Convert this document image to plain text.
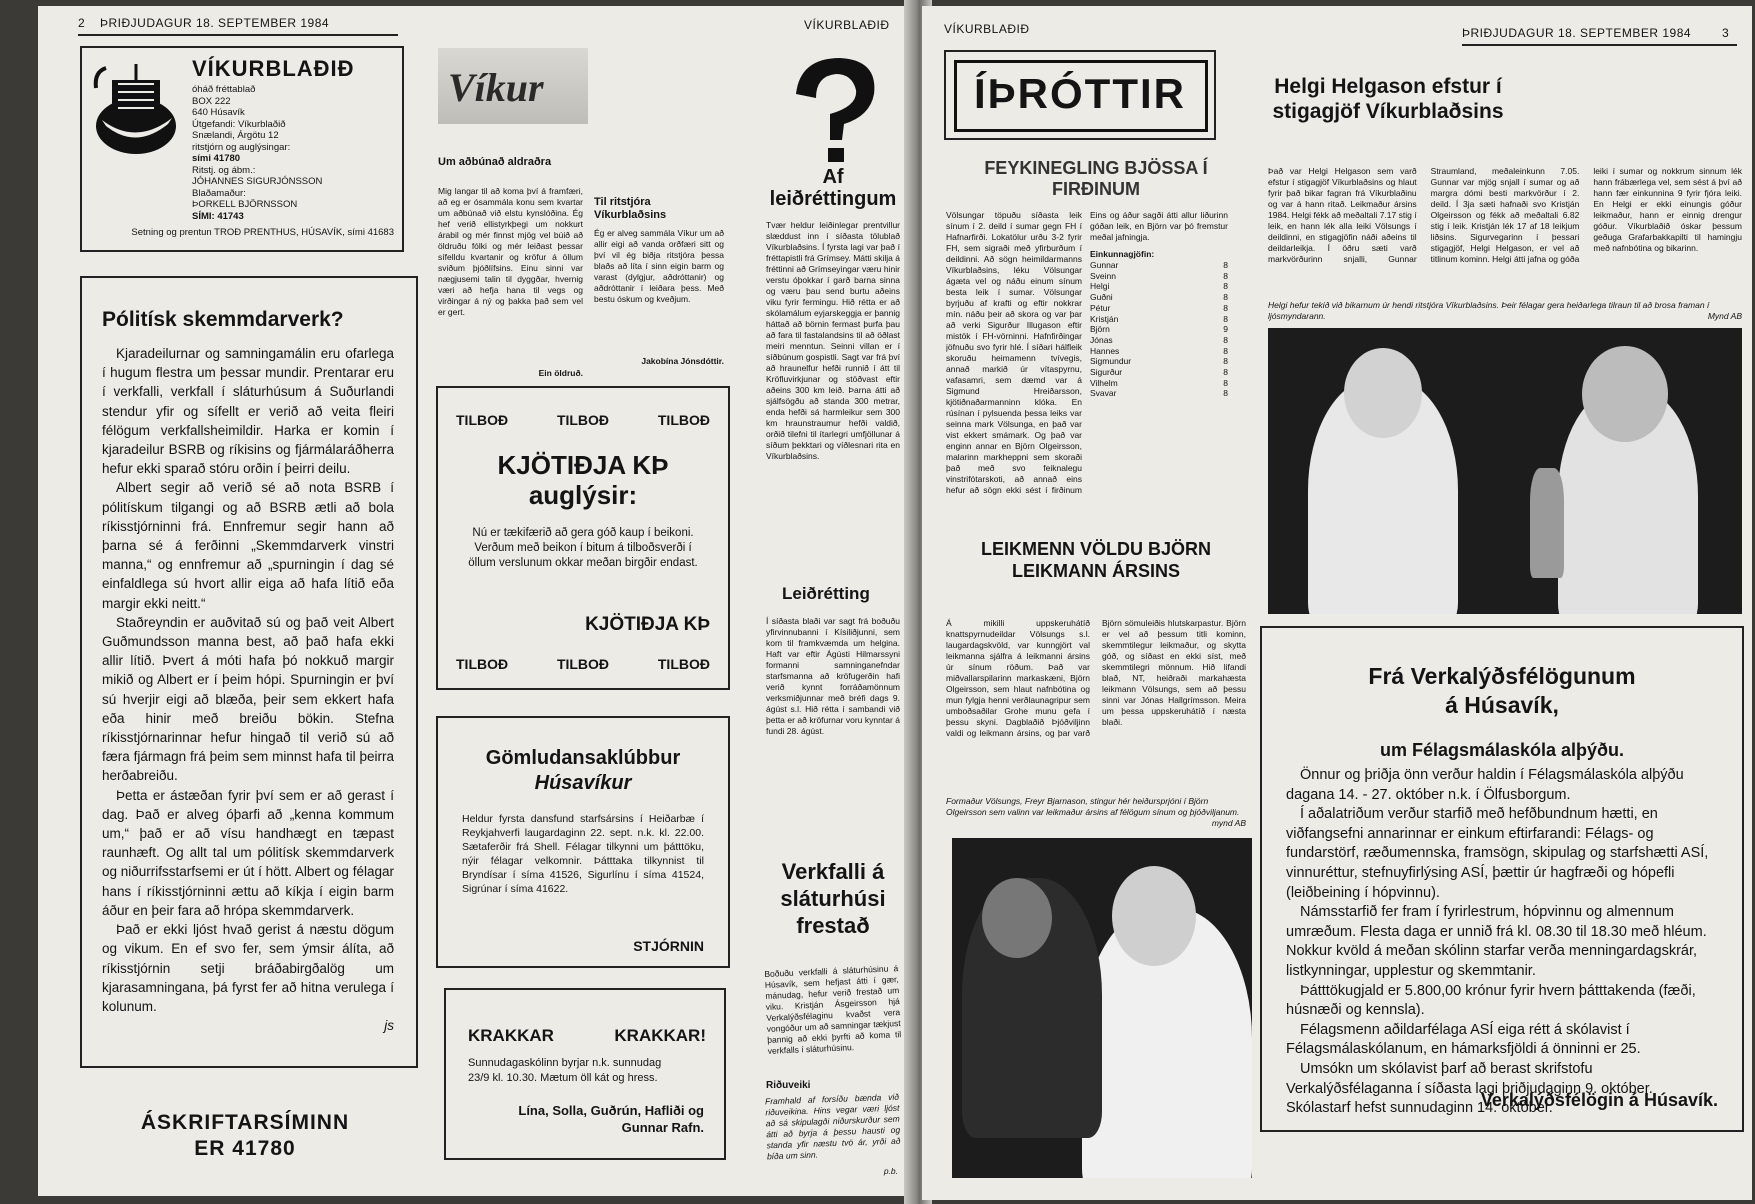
2 ÞRIÐJUDAGUR 18. SEPTEMBER 1984	VÍKURBLAÐIÐ
VÍKURBLAÐIÐ
óháð fréttablað
BOX 222
640 Húsavík
Útgefandi: Víkurblaðið
Snælandi, Árgötu 12
ritstjórn og auglýsingar:
sími 41780
Ritstj. og ábm.:
JÓHANNES SIGURJÓNSSON
Blaðamaður:
ÞORKELL BJÖRNSSON
SÍMI: 41743
Setning og prentun TROÐ PRENTHUS, HÚSAVÍK, sími 41683
Pólitísk skemmdarverk?
Kjaradeilurnar og samningamálin eru ofarlega í hugum flestra um þessar mundir. Prentarar eru í verkfalli, verkfall í sláturhúsum á Suðurlandi stendur yfir og sífellt er verið að veita fleiri félögum verkfallsheimildir. Harka er komin í kjaradeilur BSRB og ríkisins og fjármálaráðherra hefur ekki sparað stóru orðin í þeirri deilu.
Albert segir að verið sé að nota BSRB í pólitískum tilgangi og að BSRB ætli að bola ríkisstjórninni frá. Ennfremur segir hann að þarna sé á ferðinni „Skemmdarverk vinstri manna,“ og ennfremur að „spurningin í dag sé einfaldlega sú hvort allir eiga að hafa lítið eða margir ekki neitt.“
Staðreyndin er auðvitað sú og það veit Albert Guðmundsson manna best, að það hafa ekki allir lítið. Þvert á móti hafa þó nokkuð margir mikið og Albert er í þeim hópi. Spurningin er því sú hverjir eigi að blæða, þeir sem ekkert hafa eða hinir með breiðu bökin. Stefna ríkisstjórnarinnar hefur hingað til verið sú að færa fjármagn frá þeim sem minnst hafa til þeirra herðabreiðu.
Þetta er ástæðan fyrir því sem er að gerast í dag. Það er alveg óþarfi að „kenna kommum um,“ það er að vísu handhægt en tæpast raunhæft. Og allt tal um pólitísk skemmdarverk og niðurrifsstarfsemi er út í hött. Albert og félagar hans í ríkisstjórninni ættu að kíkja í eigin barm áður en þeir fara að hrópa skemmdarverk.
Það er ekki ljóst hvað gerist á næstu dögum og vikum. En ef svo fer, sem ýmsir álíta, að ríkisstjórnin setji bráðabirgðalög um kjarasamningana, þá fyrst fer að hitna verulega í kolunum.
js
ÁSKRIFTARSÍMINN
ER 41780
Víkur
Um aðbúnað aldraðra
Mig langar til að koma því á framfæri, að eg er ósammála konu sem kvartar um aðbúnað við elstu kynslóðina. Ég hef verið ellistyrkþegi um nokkurt árabil og mér finnst mjög vel búið að öldruðu fólki og mér leiðast þessar sífelldu kvartanir og kröfur á öllum sviðum þjóðlífsins. Einu sinni var nægjusemi talin til dyggðar, hvernig væri að hefja hana til vegs og virðingar á ný og þakka það sem vel er gert.
Ein öldruð.
Til ritstjóra Víkurblaðsins
Ég er alveg sammála Víkur um að allir eigi að vanda orðfæri sitt og því vil ég biðja ritstjóra þessa blaðs að líta í sinn eigin barm og varast (dylgjur, aðdróttanir) og aðdróttanir í leiðara þess. Með bestu óskum og kveðjum.
Jakobína Jónsdóttir.
TILBOÐ	TILBOÐ	TILBOÐ
KJÖTIÐJA KÞ
auglýsir:
Nú er tækifærið að gera góð kaup í beikoni. Verðum með beikon í bitum á tilboðsverði í öllum verslunum okkar meðan birgðir endast.
KJÖTIÐJA KÞ
TILBOÐ	TILBOÐ	TILBOÐ
Gömludansaklúbbur
Húsavíkur
Heldur fyrsta dansfund starfsársins í Heiðarbæ í Reykjahverfi laugardaginn 22. sept. n.k. kl. 22.00. Sætaferðir frá Shell. Félagar tilkynni um þátttöku, nýir félagar velkomnir. Þátttaka tilkynnist til Bryndísar í síma 41526, Sigurlínu í síma 41524, Sigrúnar í síma 41622.
STJÓRNIN
KRAKKAR	KRAKKAR!
Sunnudagaskólinn byrjar n.k. sunnudag 23/9 kl. 10.30. Mætum öll kát og hress.
Lína, Solla, Guðrún, Hafliði og Gunnar Rafn.
Af leiðréttingum
Tvær heldur leiðinlegar prentvillur slæddust inn í síðasta tölublað Víkurblaðsins. Í fyrsta lagi var það í fréttapistli frá Grímsey. Mátti skilja á fréttinni að Grímseyingar væru hinir verstu óþokkar í garð barna sinna og væru þau send burtu aðeins viku fyrir fermingu. Hið rétta er að skólamálum eyjarskeggja er þannig háttað að börnin fermast þurfa þau að fara til fastalandsins til að öðlast meiri menntun. Seinni villan er í síðbúnum gospistli. Sagt var frá því að hraunelfur hefði runnið í átt til Kröfluvirkjunar og stöðvast eftir aðeins 300 km leið. Þarna átti að sjálfsögðu að standa 300 metrar, enda hefði sá harmleikur sem 300 km hraunstraumur hefði valdið, orðið tilefni til ítarlegri umfjöllunar á síðum þekktari og víðlesnari rita en Víkurblaðsins.
Leiðrétting
Í síðasta blaði var sagt frá boðuðu yfirvinnubanni í Kísiliðjunni, sem kom til framkvæmda um helgina. Haft var eftir Ágústi Hilmarssyni formanni samninganefndar starfsmanna að kröfugerðin hafi verið kynnt forráðamönnum verksmiðjunnar með bréfi dags 9. ágúst s.l. Hið rétta í sambandi við þetta er að kröfurnar voru kynntar á fundi 28. ágúst.
Verkfalli á sláturhúsi frestað
Boðuðu verkfalli á sláturhúsinu á Húsavík, sem hefjast átti í gær, mánudag, hefur verið frestað um viku. Kristján Ásgeirsson hjá Verkalýðsfélaginu kvaðst vera vongóður um að samningar tækjust þannig að ekki þyrfti að koma til verkfalls í sláturhúsinu.
Riðuveiki
Framhald af forsíðu bænda við riðuveikina. Hins vegar væri ljóst að sá skipulagði niðurskurður sem átti að byrja á þessu hausti og standa yfir næstu tvö ár, yrði að bíða um sinn.
p.b.
VÍKURBLAÐIÐ	ÞRIÐJUDAGUR 18. SEPTEMBER 1984	3
ÍÞRÓTTIR
FEYKINEGLING BJÖSSA Í FIRÐINUM
Völsungar töpuðu síðasta leik sínum í 2. deild í sumar gegn FH í Hafnarfirði. Lokatölur urðu 3-2 fyrir FH, sem sigraði með yfirburðum í deildinni. Að sögn heimildarmanns Víkurblaðsins, léku Völsungar ágæta vel og náðu einum sínum besta leik í sumar. Völsungar byrjuðu af krafti og eftir nokkrar mín. náðu þeir að skora og var þar að verki Sigurður Illugason eftir mistök í FH-vörninni. Hafnfirðingar jöfnuðu svo fyrir hlé. Í síðari hálfleik skoruðu heimamenn tvívegis, annað markið úr vítaspyrnu, vafasamri, sem dæmd var á Sigmund Hreiðarsson, kjötiðnaðarmanninn klóka. En rúsínan í pylsuenda þessa leiks var seinna mark Völsunga, en það var vist ekkert smámark. Og það var enginn annar en Björn Olgeirsson, malarinn markheppni sem skoraði það með svo feiknalegu vinstrifótarskoti, að annað eins hefur að sögn ekki sést í firðinum
Eins og áður sagði átti allur liðurinn góðan leik, en Björn var þó fremstur meðal jafningja.
Einkunnagjöfin:
Gunnar	8
Sveinn	8
Helgi	8
Guðni	8
Pétur	8
Kristján	8
Björn	9
Jónas	8
Hannes	8
Sigmundur	8
Sigurður	8
Vilhelm	8
Svavar	8
Helgi Helgason efstur í stigagjöf Víkurblaðsins
Það var Helgi Helgason sem varð efstur í stigagjöf Víkurblaðsins og hlaut fyrir það bikar fagran frá Víkurblaðinu og var á hann ritað. Leikmaður ársins 1984. Helgi fékk að meðaltali 7.17 stig í leik, en hann lék alla leiki Völsungs í deildinni, en stigagjöfin náði aðeins til deildarleikja. Í öðru sæti varð markvörðurinn snjalli, Gunnar Straumland, meðaleinkunn 7.05. Gunnar var mjög snjall í sumar og að margra dómi besti markvörður í 2. deild. Í 3ja sæti hafnaði svo Kristján Olgeirsson og fékk að meðaltali 6.82 stig í leik. Kristján lék 17 af 18 leikjum liðsins. Sigurvegarinn í þessari stigagjöf, Helgi Helgason, er vel að titlinum kominn. Helgi átti jafna og góða leiki í sumar og nokkrum sinnum lék hann frábærlega vel, sem sést á því að hann fær einkunnina 9 fyrir fjóra leiki. En Helgi er ekki einungis góður leikmaður, hann er einnig drengur góður. Víkurblaðið óskar þessum geðuga Grafarbakkapilti til hamingju með nafnbótina og bikarinn.
Helgi hefur tekið við bikarnum úr hendi ritstjóra Víkurblaðsins. Þeir félagar gera heiðarlega tilraun til að brosa framan í ljósmyndarann.	Mynd AB
LEIKMENN VÖLDU BJÖRN LEIKMANN ÁRSINS
Á mikilli uppskeruhátíð knattspyrnudeildar Völsungs s.l. laugardagskvöld, var kunngjört val leikmanna sjálfra á leikmanni ársins úr sínum röðum. Það var miðvallarspilarinn markaskæni, Björn Olgeirsson, sem hlaut nafnbótina og mun fylgja henni verðlaunagripur sem umboðsaðilar Grohe munu gefa í þessu skyni. Dagblaðið Þjóðviljinn valdi og leikmann ársins, og þar varð Björn sömuleiðis hlutskarpastur. Björn er vel að þessum titli kominn, skemmtilegur leikmaður, og skytta góð, og síðast en ekki síst, með skemmtilegri mönnum. Hið lifandi blað, NT, heiðraði markahæsta leikmann Völsungs, sem að þessu sinni var Jónas Hallgrímsson. Meira um þessa uppskeruhátíð í næsta blaði.
Formaður Völsungs, Freyr Bjarnason, stingur hér heiðursprjóni í Björn Olgeirsson sem valinn var leikmaður ársins af félögum sínum og þjóðviljanum.
mynd AB
Frá Verkalýðsfélögunum
á Húsavík,
um Félagsmálaskóla alþýðu.
Önnur og þriðja önn verður haldin í Félagsmálaskóla alþýðu dagana 14. - 27. október n.k. í Ölfusborgum.
Í aðalatriðum verður starfið með hefðbundnum hætti, en viðfangsefni annarinnar er einkum eftirfarandi: Félags- og fundarstörf, ræðumennska, framsögn, skipulag og starfshætti ASÍ, vinnuréttur, stefnuyfirlýsing ASÍ, þættir úr hagfræði og hópefli (leiðbeining í hópvinnu).
Námsstarfið fer fram í fyrirlestrum, hópvinnu og almennum umræðum. Flesta daga er unnið frá kl. 08.30 til 18.30 með hléum. Nokkur kvöld á meðan skólinn starfar verða menningardagskrár, listkynningar, upplestur og skemmtanir.
Þátttökugjald er 5.800,00 krónur fyrir hvern þátttakenda (fæði, húsnæði og kennsla).
Félagsmenn aðildarfélaga ASÍ eiga rétt á skólavist í Félagsmálaskólanum, en hámarksfjöldi á önninni er 25.
Umsókn um skólavist þarf að berast skrifstofu Verkalýðsfélaganna í síðasta lagi þriðjudaginn 9. október. Skólastarf hefst sunnudaginn 14. október.
Verkalýðsfélögin á Húsavík.
